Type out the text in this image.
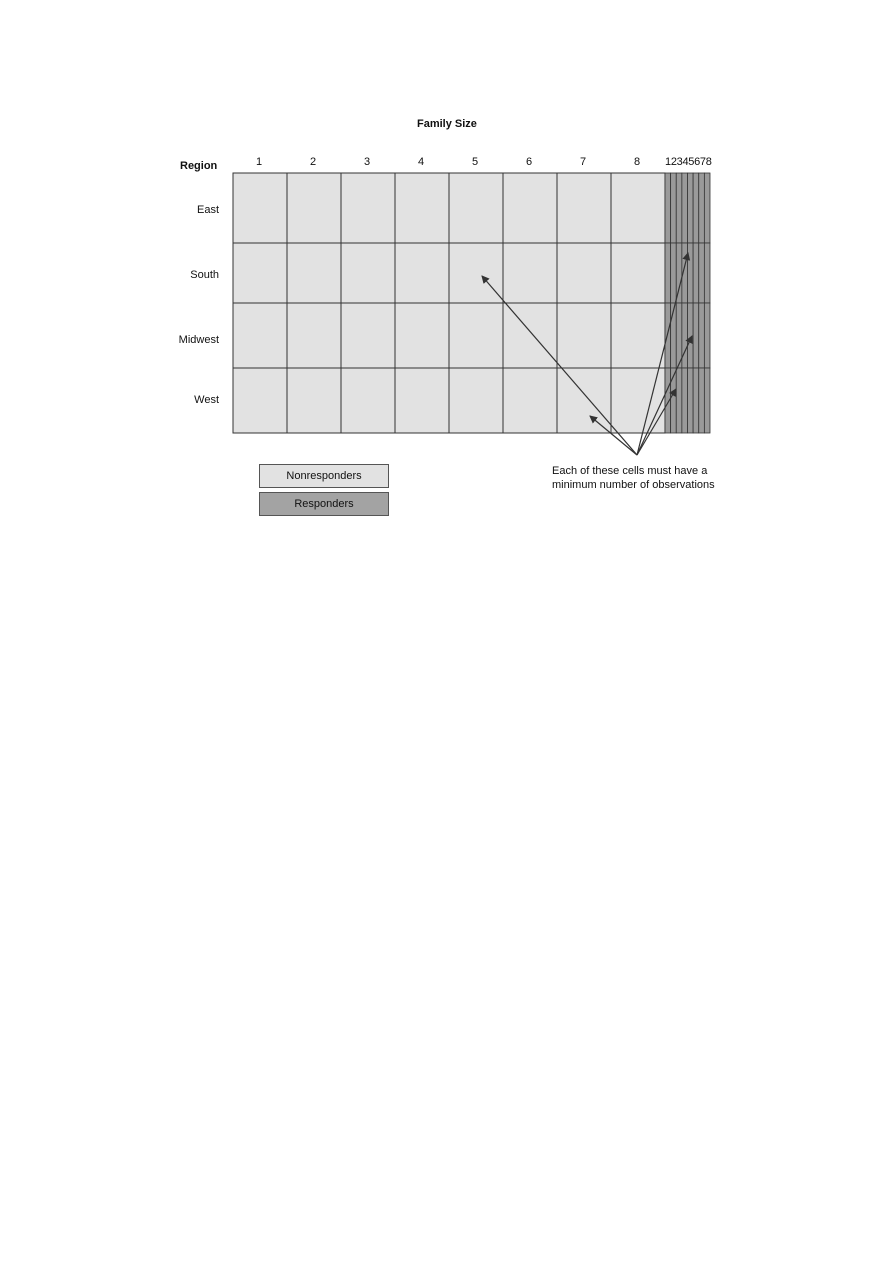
Family Size
Region	1	2	3	4	5	6	7	8 12345678
East
South
Midwest
West
Nonresponders
Responders
Each of these cells must have a
minimum number of observations
